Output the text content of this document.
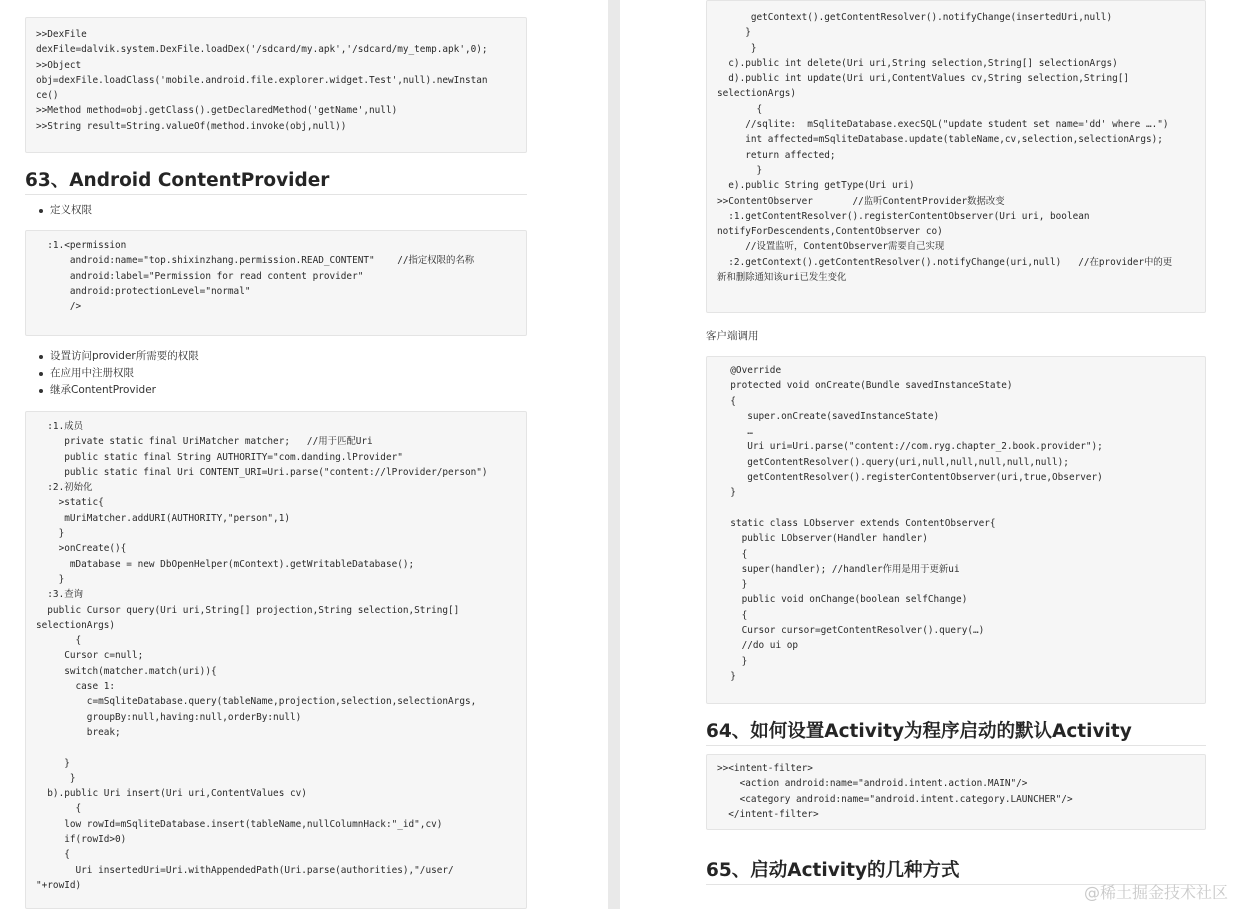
>>DexFile
dexFile=dalvik.system.DexFile.loadDex('/sdcard/my.apk','/sdcard/my_temp.apk',0);
>>Object
obj=dexFile.loadClass('mobile.android.file.explorer.widget.Test',null).newInstan
ce()
>>Method method=obj.getClass().getDeclaredMethod('getName',null)
>>String result=String.valueOf(method.invoke(obj,null))
63、Android ContentProvider
定义权限
:1.<permission
android:name="top.shixinzhang.permission.READ_CONTENT"    //指定权限的名称
android:label="Permission for read content provider"
android:protectionLevel="normal"
/>
设置访问provider所需要的权限
在应用中注册权限
继承ContentProvider
:1.成员
private static final UriMatcher matcher;   //用于匹配Uri
public static final String AUTHORITY="com.danding.lProvider"
public static final Uri CONTENT_URI=Uri.parse("content://lProvider/person")
:2.初始化
>static{
mUriMatcher.addURI(AUTHORITY,"person",1)
}
>onCreate(){
mDatabase = new DbOpenHelper(mContext).getWritableDatabase();
}
:3.查询
public Cursor query(Uri uri,String[] projection,String selection,String[]
selectionArgs)
{
Cursor c=null;
switch(matcher.match(uri)){
case 1:
c=mSqliteDatabase.query(tableName,projection,selection,selectionArgs,
groupBy:null,having:null,orderBy:null)
break;
}
}
b).public Uri insert(Uri uri,ContentValues cv)
{
low rowId=mSqliteDatabase.insert(tableName,nullColumnHack:"_id",cv)
if(rowId>0)
{
Uri insertedUri=Uri.withAppendedPath(Uri.parse(authorities),"/user/
"+rowId)
getContext().getContentResolver().notifyChange(insertedUri,null)
}
}
c).public int delete(Uri uri,String selection,String[] selectionArgs)
d).public int update(Uri uri,ContentValues cv,String selection,String[]
selectionArgs)
{
//sqlite:  mSqliteDatabase.execSQL("update student set name='dd' where ….")
int affected=mSqliteDatabase.update(tableName,cv,selection,selectionArgs);
return affected;
}
e).public String getType(Uri uri)
>>ContentObserver       //监听ContentProvider数据改变
:1.getContentResolver().registerContentObserver(Uri uri, boolean
notifyForDescendents,ContentObserver co)
//设置监听，ContentObserver需要自己实现
:2.getContext().getContentResolver().notifyChange(uri,null)   //在provider中的更
新和删除通知该uri已发生变化
客户端调用
@Override
protected void onCreate(Bundle savedInstanceState)
{
super.onCreate(savedInstanceState)
…
Uri uri=Uri.parse("content://com.ryg.chapter_2.book.provider");
getContentResolver().query(uri,null,null,null,null,null);
getContentResolver().registerContentObserver(uri,true,Observer)
}
static class LObserver extends ContentObserver{
public LObserver(Handler handler)
{
super(handler); //handler作用是用于更新ui
}
public void onChange(boolean selfChange)
{
Cursor cursor=getContentResolver().query(…)
//do ui op
}
}
64、如何设置Activity为程序启动的默认Activity
>><intent-filter>
<action android:name="android.intent.action.MAIN"/>
<category android:name="android.intent.category.LAUNCHER"/>
</intent-filter>
65、启动Activity的几种方式
@稀土掘金技术社区
